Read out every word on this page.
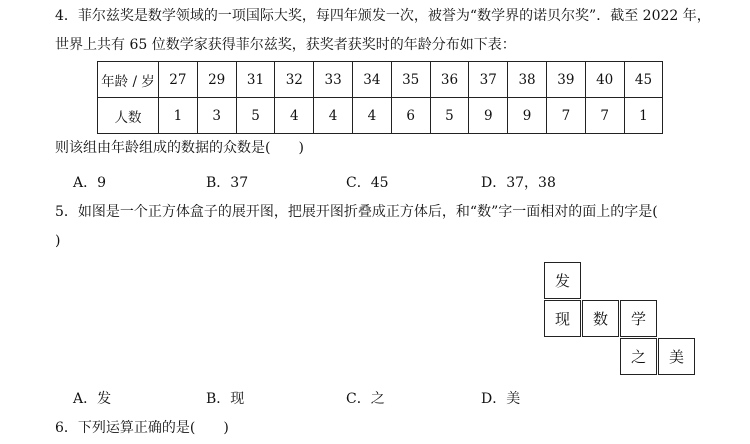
4．菲尔兹奖是数学领域的一项国际大奖，每四年颁发一次，被誉为“数学界的诺贝尔奖”．截至 2022 年，
世界上共有 65 位数学家获得菲尔兹奖，获奖者获奖时的年龄分布如下表：
年龄 / 岁	27	29	31	32	33	34	35	36	37	38	39	40	45
人数	1	3	5	4	4	4	6	5	9	9	7	7	1
则该组由年龄组成的数据的众数是(　　)
A．9	B．37	C．45	D．37，38
5．如图是一个正方体盒子的展开图，把展开图折叠成正方体后，和“数”字一面相对的面上的字是(
)
发
现	数	学
之	美
A．发	B．现	C．之	D．美
6．下列运算正确的是(　　)
